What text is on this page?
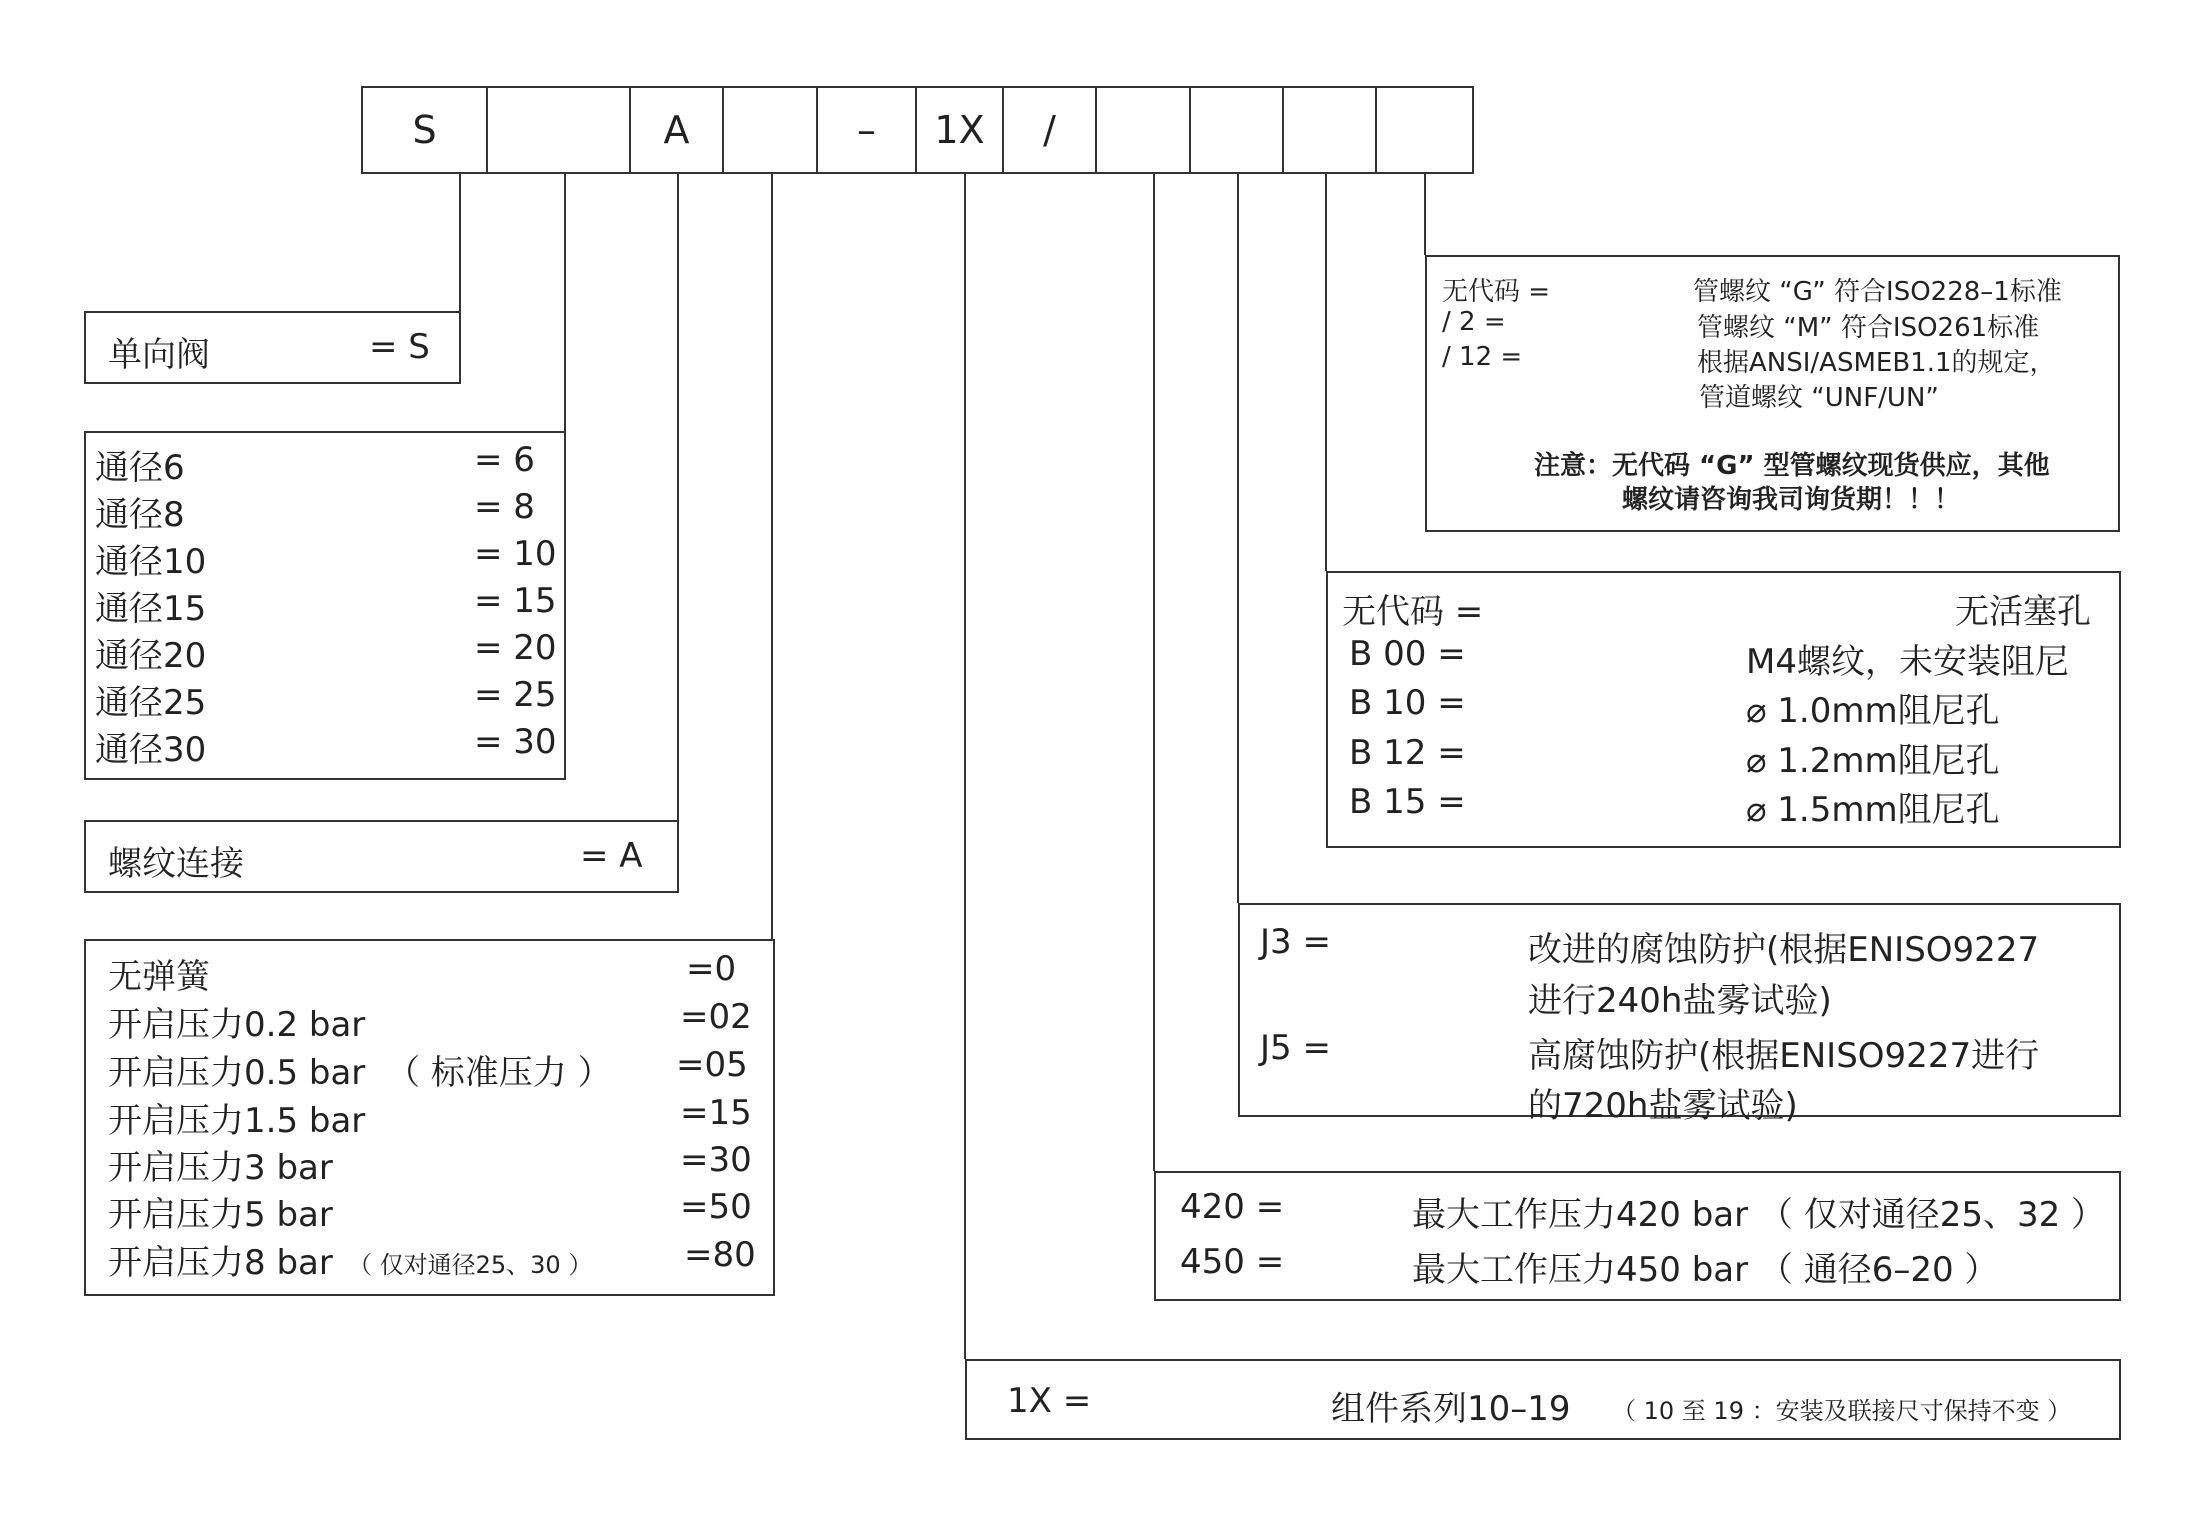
S	A	–	1X	/
单向阀	= S
通径6	= 6
通径8	= 8
通径10	= 10
通径15	= 15
通径20	= 20
通径25	= 25
通径30	= 30
螺纹连接	= A
无弹簧	=0
开启压力0.2 bar	=02
开启压力0.5 bar （ 标准压力 ） =05
开启压力1.5 bar	=15
开启压力3 bar	=30
开启压力5 bar	=50
开启压力8 bar （ 仅对通径25、30 ）	=80
无代码 =	管螺纹 “G” 符合ISO228–1标准
/ 2 =	管螺纹 “M” 符合ISO261标准
/ 12 =	根据ANSI/ASMEB1.1的规定，
管道螺纹 “UNF/UN”
注意：无代码 “G” 型管螺纹现货供应，其他
螺纹请咨询我司询货期！！！
无代码 =	无活塞孔
B 00 =	M4螺纹，未安装阻尼
B 10 =	⌀ 1.0mm阻尼孔
B 12 =	⌀ 1.2mm阻尼孔
B 15 =	⌀ 1.5mm阻尼孔
J3 =	改进的腐蚀防护(根据ENISO9227
进行240h盐雾试验)
J5 =	高腐蚀防护(根据ENISO9227进行
的720h盐雾试验)
420 =	最大工作压力420 bar （ 仅对通径25、32 ）
450 =	最大工作压力450 bar （ 通径6–20 ）
1X =	组件系列10–19 （ 10 至 19 ：安装及联接尺寸保持不变 ）
